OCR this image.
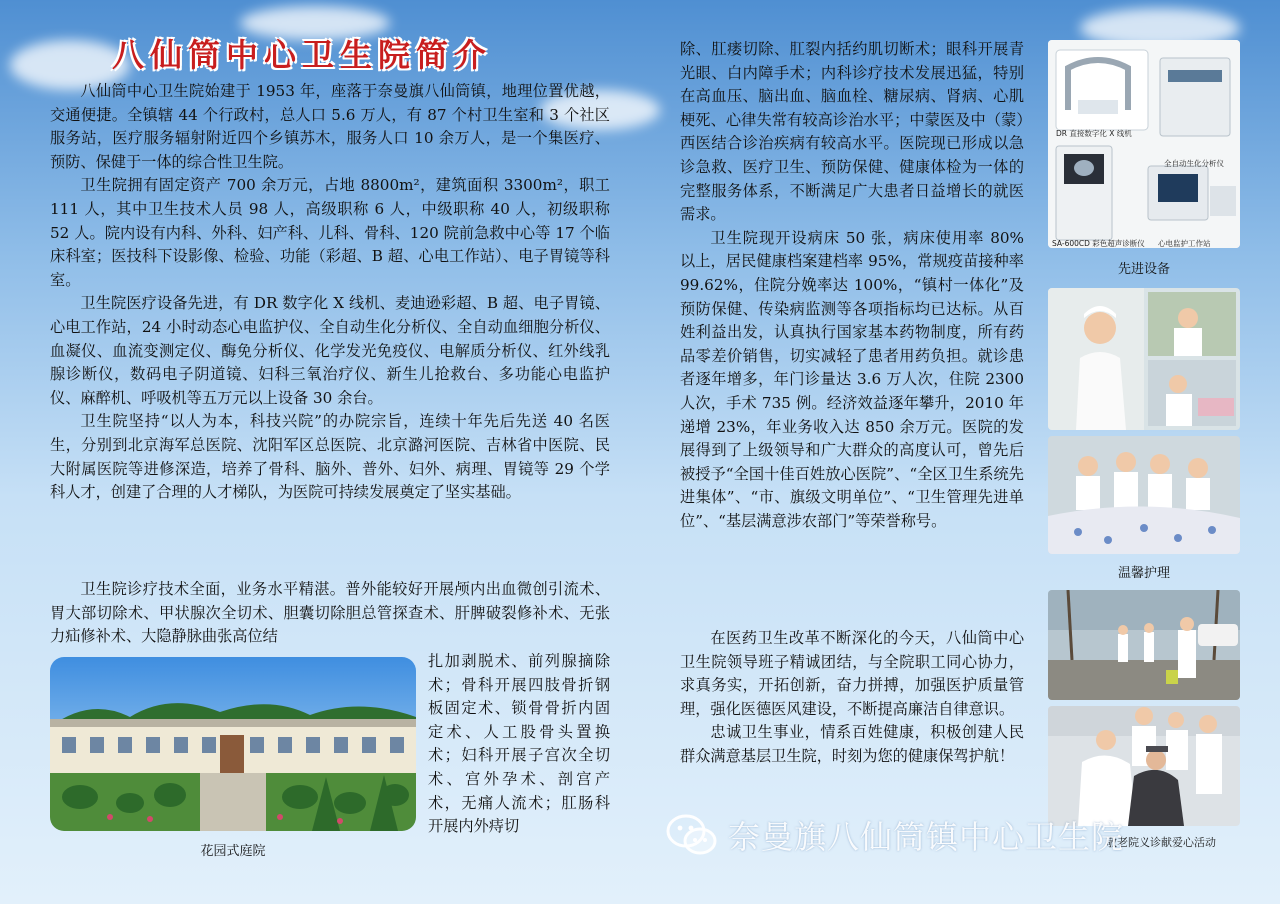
八仙筒中心卫生院简介

八仙筒中心卫生院始建于 1953 年，座落于奈曼旗八仙筒镇，地理位置优越，交通便捷。全镇辖 44 个行政村，总人口 5.6 万人，有 87 个村卫生室和 3 个社区服务站，医疗服务辐射附近四个乡镇苏木，服务人口 10 余万人，是一个集医疗、预防、保健于一体的综合性卫生院。

卫生院拥有固定资产 700 余万元，占地 8800m²，建筑面积 3300m²，职工 111 人，其中卫生技术人员 98 人，高级职称 6 人，中级职称 40 人，初级职称 52 人。院内设有内科、外科、妇产科、儿科、骨科、120 院前急救中心等 17 个临床科室；医技科下设影像、检验、功能（彩超、B 超、心电工作站）、电子胃镜等科室。

卫生院医疗设备先进，有 DR 数字化 X 线机、麦迪逊彩超、B 超、电子胃镜、心电工作站，24 小时动态心电监护仪、全自动生化分析仪、全自动血细胞分析仪、血凝仪、血流变测定仪、酶免分析仪、化学发光免疫仪、电解质分析仪、红外线乳腺诊断仪，数码电子阴道镜、妇科三氧治疗仪、新生儿抢救台、多功能心电监护仪、麻醉机、呼吸机等五万元以上设备 30 余台。

卫生院坚持“以人为本，科技兴院”的办院宗旨，连续十年先后先送 40 名医生，分别到北京海军总医院、沈阳军区总医院、北京潞河医院、吉林省中医院、民大附属医院等进修深造，培养了骨科、脑外、普外、妇外、病理、胃镜等 29 个学科人才，创建了合理的人才梯队，为医院可持续发展奠定了坚实基础。

卫生院诊疗技术全面，业务水平精湛。普外能较好开展颅内出血微创引流术、胃大部切除术、甲状腺次全切术、胆囊切除胆总管探查术、肝脾破裂修补术、无张力疝修补术、大隐静脉曲张高位结

花园式庭院

扎加剥脱术、前列腺摘除术；骨科开展四肢骨折钢板固定术、锁骨骨折内固定术、人工股骨头置换术；妇科开展子宫次全切术、宫外孕术、剖宫产术，无痛人流术；肛肠科开展内外痔切

除、肛瘘切除、肛裂内括约肌切断术；眼科开展青光眼、白内障手术；内科诊疗技术发展迅猛，特别在高血压、脑出血、脑血栓、糖尿病、肾病、心肌梗死、心律失常有较高诊治水平；中蒙医及中（蒙）西医结合诊治疾病有较高水平。医院现已形成以急诊急救、医疗卫生、预防保健、健康体检为一体的完整服务体系，不断满足广大患者日益增长的就医需求。

卫生院现开设病床 50 张，病床使用率 80% 以上，居民健康档案建档率 95%，常规疫苗接种率 99.62%，住院分娩率达 100%，“镇村一体化”及预防保健、传染病监测等各项指标均已达标。从百姓利益出发，认真执行国家基本药物制度，所有药品零差价销售，切实减轻了患者用药负担。就诊患者逐年增多，年门诊量达 3.6 万人次，住院 2300 人次，手术 735 例。经济效益逐年攀升，2010 年递增 23%，年业务收入达 850 余万元。医院的发展得到了上级领导和广大群众的高度认可，曾先后被授予“全国十佳百姓放心医院”、“全区卫生系统先进集体”、“市、旗级文明单位”、“卫生管理先进单位”、“基层满意涉农部门”等荣誉称号。

在医药卫生改革不断深化的今天，八仙筒中心卫生院领导班子精诚团结，与全院职工同心协力，求真务实，开拓创新，奋力拼搏，加强医护质量管理，强化医德医风建设，不断提高廉洁自律意识。

忠诚卫生事业，情系百姓健康，积极创建人民群众满意基层卫生院，时刻为您的健康保驾护航！

DR 直接数字化 X 线机

全自动生化分析仪

SA-600CD 彩色超声诊断仪 心电监护工作站

先进设备

温馨护理

敬老院义诊献爱心活动

奈曼旗八仙筒镇中心卫生院
